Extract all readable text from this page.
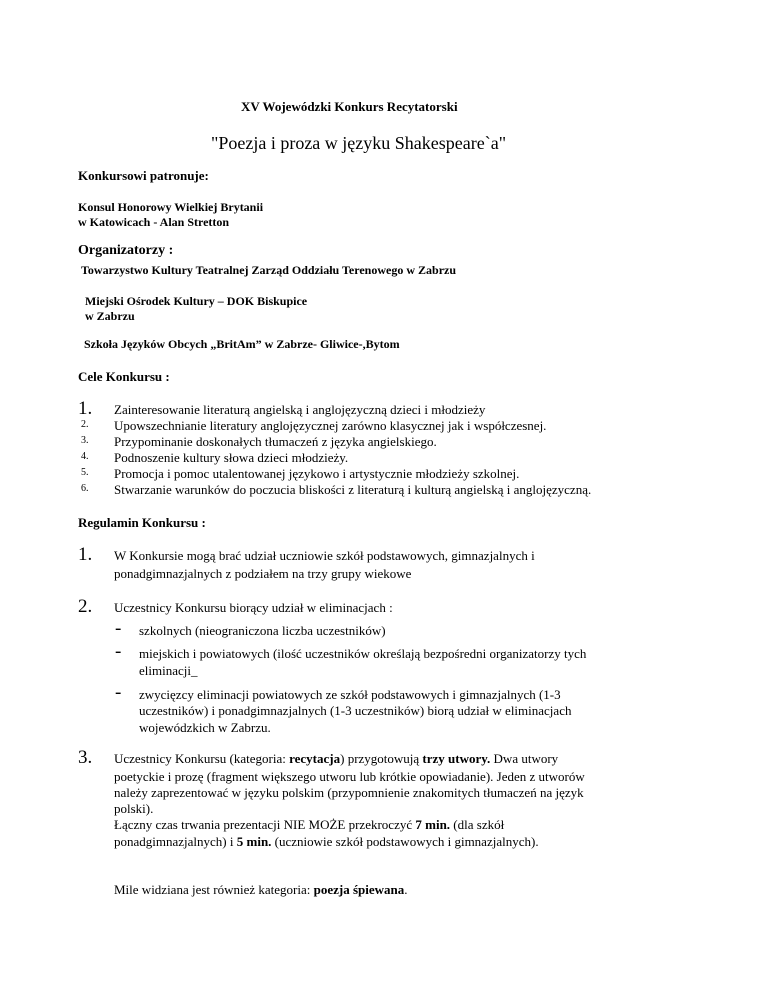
XV Wojewódzki Konkurs Recytatorski
"Poezja i proza w języku Shakespeare`a"
Konkursowi patronuje:
Konsul Honorowy Wielkiej Brytanii
w Katowicach - Alan Stretton
Organizatorzy :
Towarzystwo Kultury Teatralnej Zarząd Oddziału Terenowego w Zabrzu
Miejski Ośrodek Kultury – DOK Biskupice
w Zabrzu
Szkoła Języków Obcych „BritAm” w Zabrze- Gliwice-,Bytom
Cele Konkursu :
1. Zainteresowanie literaturą angielską i anglojęzyczną dzieci i młodzieży
2. Upowszechnianie literatury anglojęzycznej zarówno klasycznej jak i współczesnej.
3. Przypominanie doskonałych tłumaczeń z języka angielskiego.
4. Podnoszenie kultury słowa dzieci młodzieży.
5. Promocja i pomoc utalentowanej językowo i artystycznie młodzieży szkolnej.
6. Stwarzanie warunków do poczucia bliskości z literaturą i kulturą angielską i anglojęzyczną.
Regulamin Konkursu :
1. W Konkursie mogą brać udział uczniowie szkół podstawowych, gimnazjalnych i
ponadgimnazjalnych z podziałem na trzy grupy wiekowe
2. Uczestnicy Konkursu biorący udział w eliminacjach :
- szkolnych (nieograniczona liczba uczestników)
- miejskich i powiatowych (ilość uczestników określają bezpośredni organizatorzy tych
eliminacji_
- zwycięzcy eliminacji powiatowych ze szkół podstawowych i gimnazjalnych (1-3
uczestników) i ponadgimnazjalnych (1-3 uczestników) biorą udział w eliminacjach
wojewódzkich w Zabrzu.
3. Uczestnicy Konkursu (kategoria: recytacja) przygotowują trzy utwory. Dwa utwory
poetyckie i prozę (fragment większego utworu lub krótkie opowiadanie). Jeden z utworów
należy zaprezentować w języku polskim (przypomnienie znakomitych tłumaczeń na język
polski).
Łączny czas trwania prezentacji NIE MOŻE przekroczyć 7 min. (dla szkół
ponadgimnazjalnych) i 5 min. (uczniowie szkół podstawowych i gimnazjalnych).
Mile widziana jest również kategoria: poezja śpiewana.
